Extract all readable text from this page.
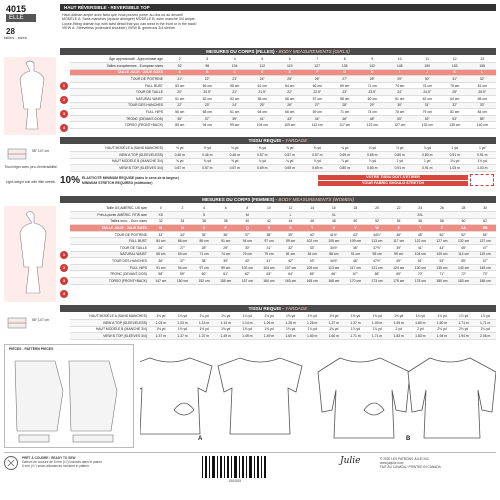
4015
ELLE
28
tailles - sizes
HAUT RÉVERSIBLE - REVERSIBLE TOP
Haut dolman ample avec twist que vous pouvez porter au dos ou au devant!
MODÈLE A: Sans manches (épaule allongée) MODÈLE B: avec manche 3/4 ample.
Loose-fitting dolman top with twist detail that you can wear in the front or in the back!
VIEW A: Sleeveless (extended shoulder) VIEW B: generous 3/4 sleeve.
MESURES DU CORPS (FILLES) - BODY MEASUREMENTS (GIRLS)
1
2
3
4
Âge approximatif - Approximate age	2	3	4	5	6	7	8	9	10	11	12	13
Tailles européennes - European sizes	92	98	104	112	119	127	135	142	148	150	153	155
TAILLE JULIE · JULIE SIZES	A	B	C	D	E	F	G	H	I	J	K	L
TOUR DE POITRINE	21"	22"	23"	24"	25"	26"	27"	28"	29"	30"	31"	32"
FULL BUST	53 cm	56 cm	58 cm	61 cm	64 cm	66 cm	69 cm	71 cm	74 cm	76 cm	79 cm	81 cm
TOUR DE TAILLE	20"	20.5"	21"	21.5"	22"	22.5"	23"	23.5"	24"	24.5"	25"	25.5"
NATURAL WAIST	51 cm	52 cm	53 cm	55 cm	56 cm	57 cm	58 cm	60 cm	61 cm	62 cm	64 cm	65 cm
TOUR DES HANCHES	22"	23"	24"	25"	26"	27"	28"	29"	30"	31"	32"	33"
FULL HIPS	56 cm	58 cm	61 cm	64 cm	66 cm	69 cm	71 cm	74 cm	76 cm	79 cm	81 cm	84 cm
TRONC (DEVANT-DOS)	35"	37"	39"	41"	43"	44"	46"	48"	50"	52"	53"	55"
TORSO (FRONT+BACK)	89 cm	94 cm	99 cm	104 cm	109 cm	112 cm	117 cm	122 cm	127 cm	132 cm	135 cm	140 cm
TISSU REQUIS - YARDAGE
58" 147 cm
Tricot léger avec peu d'extensibilité.
Light-weight knit with little stretch.
HAUT MODÈLE A (SANS MANCHES)	½ yd	½ yd	½ yd	⅝ yd	⅝ yd	⅝ yd	¾ yd	¾ yd	⅞ yd	⅞ yd	1 yd	1 yd
VIEW A TOP (SLEEVELESS)	0.46 m	0.46 m	0.46 m	0.57 m	0.57 m	0.57 m	0.69 m	0.69 m	0.80 m	0.80 m	0.91 m	0.91 m
HAUT MODÈLE B (MANCHE 3/4)	⅝ yd	⅝ yd	⅝ yd	¾ yd	¾ yd	¾ yd	⅞ yd	⅞ yd	1 yd	1 yd	1⅛ yd	1⅛ yd
VIEW B TOP (SLEEVES 3/4)	0.57 m	0.57 m	0.57 m	0.69 m	0.69 m	0.69 m	0.80 m	0.80 m	0.91 m	0.91 m	1.03 m	1.03 m
10% ÉLASTICITÉ MINIMUM REQUISE (dans le sens de la largeur)
MINIMUM STRETCH REQUIRED (widthwise)
VOTRE TISSU DOIT S'ÉTIRER
YOUR FABRIC SHOULD STRETCH
MESURES DU CORPS (FEMMES) - BODY MEASUREMENTS (WOMEN)
1
2
3
4
Taille US AMÉRIC. US size	0	2	4	6	8	10	12	14	16	18	20	22	24	26	28	30
Prêt-à-porter AMÉRIC. RTW size	XS		S		M		L		XL				2XL			
Tailles euro. - Euro sizes	32	34	36	38	40	42	44	46	48	50	52	54	56	58	60	62
TAILLE JULIE · JULIE SIZES	M	N	O	P	Q	R	S	T	U	V	W	X	Y	Z	AA	BB
TOUR DE POITRINE	33"	34"	35"	36"	37"	38"	39"	40"	41½"	43"	44½"	46"	48"	50"	52"	54"
FULL BUST	84 cm	86 cm	89 cm	91 cm	94 cm	97 cm	99 cm	102 cm	105 cm	109 cm	113 cm	117 cm	122 cm	127 cm	132 cm	137 cm
TOUR DE TAILLE	26"	27"	28"	29"	30"	31"	32"	33"	34½"	36"	37½"	39"	41"	43"	45"	47"
NATURAL WAIST	66 cm	69 cm	71 cm	74 cm	76 cm	79 cm	81 cm	84 cm	88 cm	91 cm	95 cm	99 cm	104 cm	109 cm	114 cm	119 cm
TOUR DES HANCHES	36"	37"	38"	39"	40"	41"	42"	43"	44½"	46"	47½"	49"	51"	53"	55"	57"
FULL HIPS	91 cm	94 cm	97 cm	99 cm	102 cm	104 cm	107 cm	109 cm	113 cm	117 cm	121 cm	124 cm	130 cm	135 cm	140 cm	145 cm
TRONC (DEVANT-DOS)	58"	59"	60"	61"	62"	63"	64"	65"	66"	67"	68"	69"	70"	71"	72"	73"
TORSO (FRONT+BACK)	147 cm	150 cm	152 cm	155 cm	157 cm	160 cm	163 cm	165 cm	168 cm	170 cm	173 cm	175 cm	178 cm	180 cm	183 cm	185 cm
TISSU REQUIS - YARDAGE
58" 147 cm
HAUT MODÈLE A (SANS MANCHES)	1⅛ yd	1⅛ yd	1¼ yd	1¼ yd	1¼ yd	1⅜ yd	1⅜ yd	1⅜ yd	1½ yd	1½ yd	1⅝ yd	1⅝ yd	1¾ yd	1¾ yd	1⅞ yd	1⅞ yd
VIEW A TOP (SLEEVELESS)	1.03 m	1.03 m	1.14 m	1.14 m	1.14 m	1.26 m	1.26 m	1.26 m	1.37 m	1.37 m	1.49 m	1.49 m	1.60 m	1.60 m	1.71 m	1.71 m
HAUT MODÈLE B (MANCHE 3/4)	1½ yd	1½ yd	1½ yd	1⅝ yd	1⅝ yd	1⅝ yd	1¾ yd	1¾ yd	1¾ yd	1⅞ yd	1⅞ yd	2 yd	2 yd	2⅛ yd	2⅛ yd	2¼ yd
VIEW B TOP (SLEEVES 3/4)	1.37 m	1.37 m	1.37 m	1.49 m	1.49 m	1.49 m	1.60 m	1.60 m	1.60 m	1.71 m	1.71 m	1.83 m	1.83 m	1.94 m	1.94 m	2.06 m
PIÈCES - PATTERN PIECES
A	B
PRÊT À COUDRE / READY TO SEW
Valeurs de couture de 6 mm (¼") incluses dans le patron
6 mm (¼") seam allowances included in pattern
1504015
Julie	© 2020 LES PATRONS JULIE INC.
www.jaijulie.com
FAIT AU CANADA / PRINTED IN CANADA
